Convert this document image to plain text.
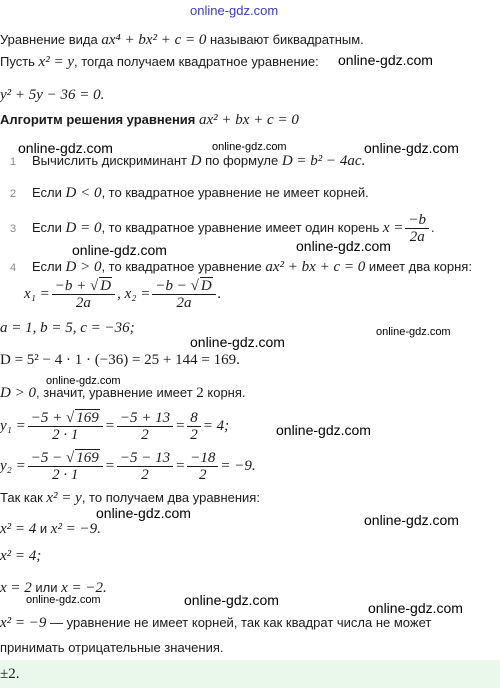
online-gdz.com
Уравнение вида ax⁴ + bx² + c = 0 называют биквадратным.
Пусть x² = y, тогда получаем квадратное уравнение: online-gdz.com
y² + 5y − 36 = 0.
Алгоритм решения уравнения ax² + bx + c = 0
online-gdz.com	online-gdz.com	online-gdz.com
1 Вычислить дискриминант D по формуле D = b² − 4ac.
2 Если D < 0, то квадратное уравнение не имеет корней.
3 Если D = 0, то квадратное уравнение имеет один корень $x = \frac{-b}{2a}$ .
online-gdz.com	online-gdz.com
4 Если D > 0, то квадратное уравнение ax² + bx + c = 0 имеет два корня:
$x_1 = \frac{-b + √ D}{2a}$ , $x_2 = \frac{-b - √ D}{2a}$ .
a = 1, b = 5, c = −36;	online-gdz.com
online-gdz.com
D = 5² − 4 · 1 · (−36) = 25 + 144 = 169.
online-gdz.com
D > 0, значит, уравнение имеет 2 корня.
$y_1 = \frac{-5 + √ 169}{2 \cdot 1} = \frac{-5 + 13}{2} = \frac{8}{2} = 4$;	online-gdz.com
$y_2 = \frac{-5 - √ 169}{2 \cdot 1} = \frac{-5 - 13}{2} = \frac{-18}{2} = -9$.
Так как x² = y, то получаем два уравнения:
online-gdz.com	online-gdz.com
x² = 4 и x² = −9.
x² = 4;
x = 2 или x = −2.
online-gdz.com	online-gdz.com	online-gdz.com
x² = −9 — уравнение не имеет корней, так как квадрат числа не может
принимать отрицательные значения.
±2.
